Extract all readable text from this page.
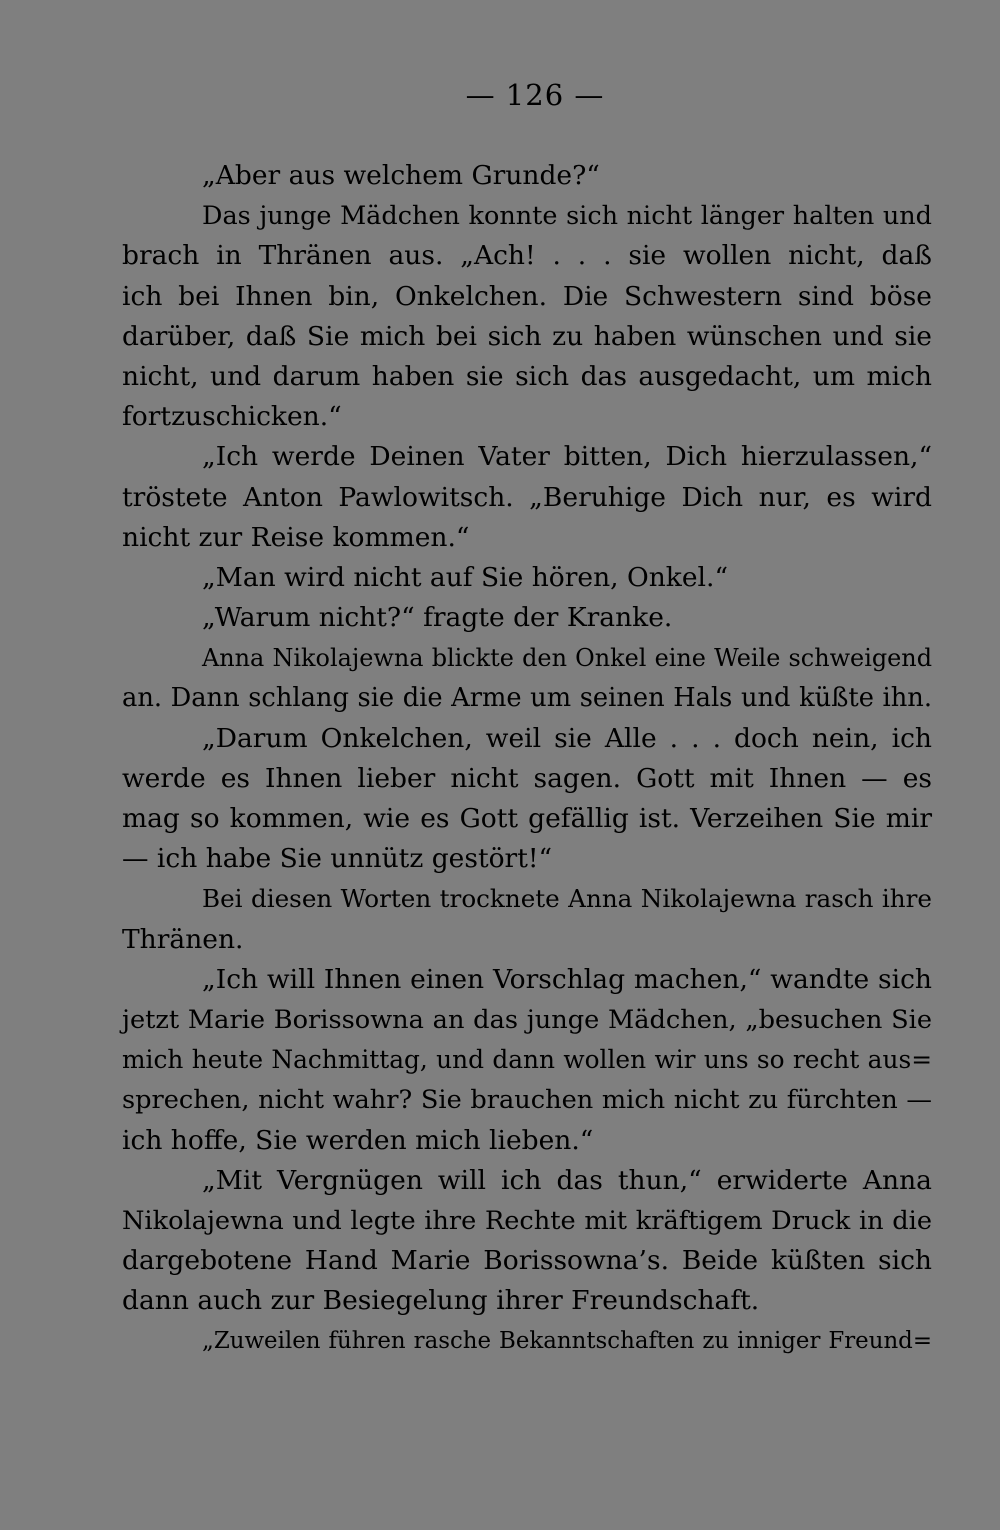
— 126 —
„Aber aus welchem Grunde?“
Das junge Mädchen konnte sich nicht länger halten und
brach in Thränen aus. „Ach! . . . sie wollen nicht, daß
ich bei Ihnen bin, Onkelchen. Die Schwestern sind böse
darüber, daß Sie mich bei sich zu haben wünschen und sie
nicht, und darum haben sie sich das ausgedacht, um mich
fortzuschicken.“
„Ich werde Deinen Vater bitten, Dich hierzulassen,“
tröstete Anton Pawlowitsch. „Beruhige Dich nur, es wird
nicht zur Reise kommen.“
„Man wird nicht auf Sie hören, Onkel.“
„Warum nicht?“ fragte der Kranke.
Anna Nikolajewna blickte den Onkel eine Weile schweigend
an. Dann schlang sie die Arme um seinen Hals und küßte ihn.
„Darum Onkelchen, weil sie Alle . . . doch nein, ich
werde es Ihnen lieber nicht sagen. Gott mit Ihnen — es
mag so kommen, wie es Gott gefällig ist. Verzeihen Sie mir
— ich habe Sie unnütz gestört!“
Bei diesen Worten trocknete Anna Nikolajewna rasch ihre
Thränen.
„Ich will Ihnen einen Vorschlag machen,“ wandte sich
jetzt Marie Borissowna an das junge Mädchen, „besuchen Sie
mich heute Nachmittag, und dann wollen wir uns so recht aus=
sprechen, nicht wahr? Sie brauchen mich nicht zu fürchten —
ich hoffe, Sie werden mich lieben.“
„Mit Vergnügen will ich das thun,“ erwiderte Anna
Nikolajewna und legte ihre Rechte mit kräftigem Druck in die
dargebotene Hand Marie Borissowna’s. Beide küßten sich
dann auch zur Besiegelung ihrer Freundschaft.
„Zuweilen führen rasche Bekanntschaften zu inniger Freund=
